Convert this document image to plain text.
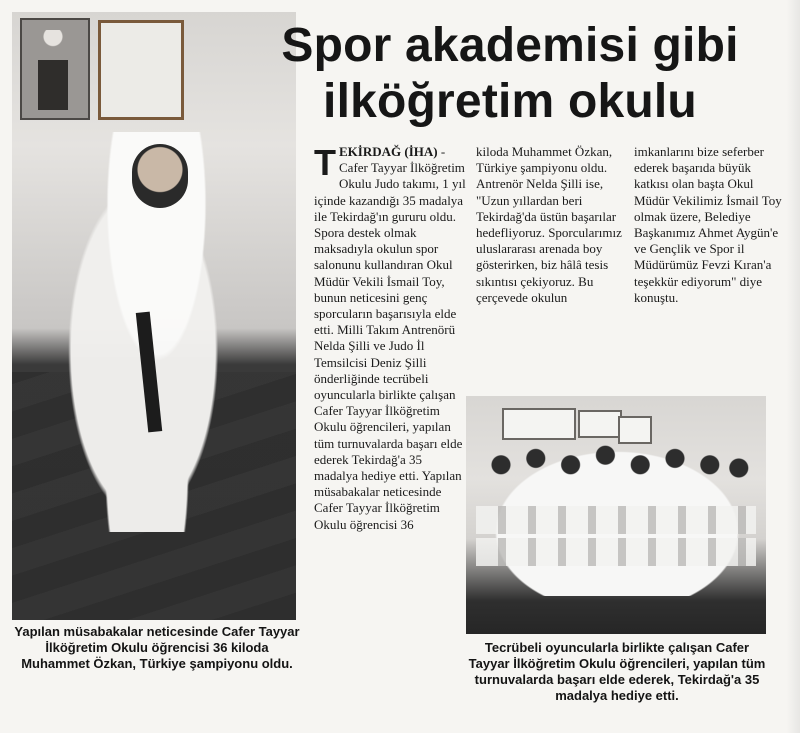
Spor akademisi gibi ilköğretim okulu
TEKİRDAĞ (İHA) - Cafer Tayyar İlköğretim Okulu Judo takımı, 1 yıl içinde kazandığı 35 madalya ile Tekirdağ'ın gururu oldu. Spora destek olmak maksadıyla okulun spor salonunu kullandıran Okul Müdür Vekili İsmail Toy, bunun neticesini genç sporcuların başarısıyla elde etti. Milli Takım Antrenörü Nelda Şilli ve Judo İl Temsilcisi Deniz Şilli önderliğinde tecrübeli oyuncularla birlikte çalışan Cafer Tayyar İlköğretim Okulu öğrencileri, yapılan tüm turnuvalarda başarı elde ederek Tekirdağ'a 35 madalya hediye etti. Yapılan müsabakalar neticesinde Cafer Tayyar İlköğretim Okulu öğrencisi 36
kiloda Muhammet Özkan, Türkiye şampiyonu oldu. Antrenör Nelda Şilli ise, "Uzun yıllardan beri Tekirdağ'da üstün başarılar hedefliyoruz. Sporcularımız uluslararası arenada boy gösterirken, biz hâlâ tesis sıkıntısı çekiyoruz. Bu çerçevede okulun
imkanlarını bize seferber ederek başarıda büyük katkısı olan başta Okul Müdür Vekilimiz İsmail Toy olmak üzere, Belediye Başkanımız Ahmet Aygün'e ve Gençlik ve Spor il Müdürümüz Fevzi Kıran'a teşekkür ediyorum" diye konuştu.
Yapılan müsabakalar neticesinde Cafer Tayyar İlköğretim Okulu öğrencisi 36 kiloda Muhammet Özkan, Türkiye şampiyonu oldu.
Tecrübeli oyuncularla birlikte çalışan Cafer Tayyar İlköğretim Okulu öğrencileri, yapılan tüm turnuvalarda başarı elde ederek, Tekirdağ'a 35 madalya hediye etti.
